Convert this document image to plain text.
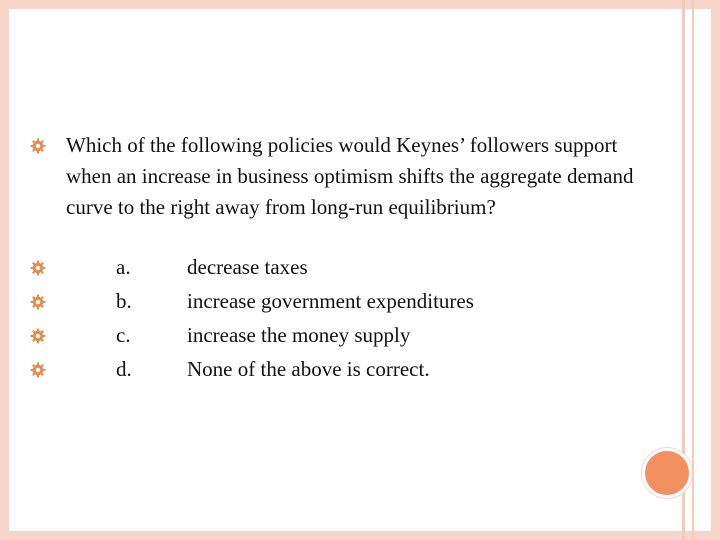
Which of the following policies would Keynes’ followers support when an increase in business optimism shifts the aggregate demand curve to the right away from long-run equilibrium?
a.	decrease taxes
b.	increase government expenditures
c.	increase the money supply
d.	None of the above is correct.
